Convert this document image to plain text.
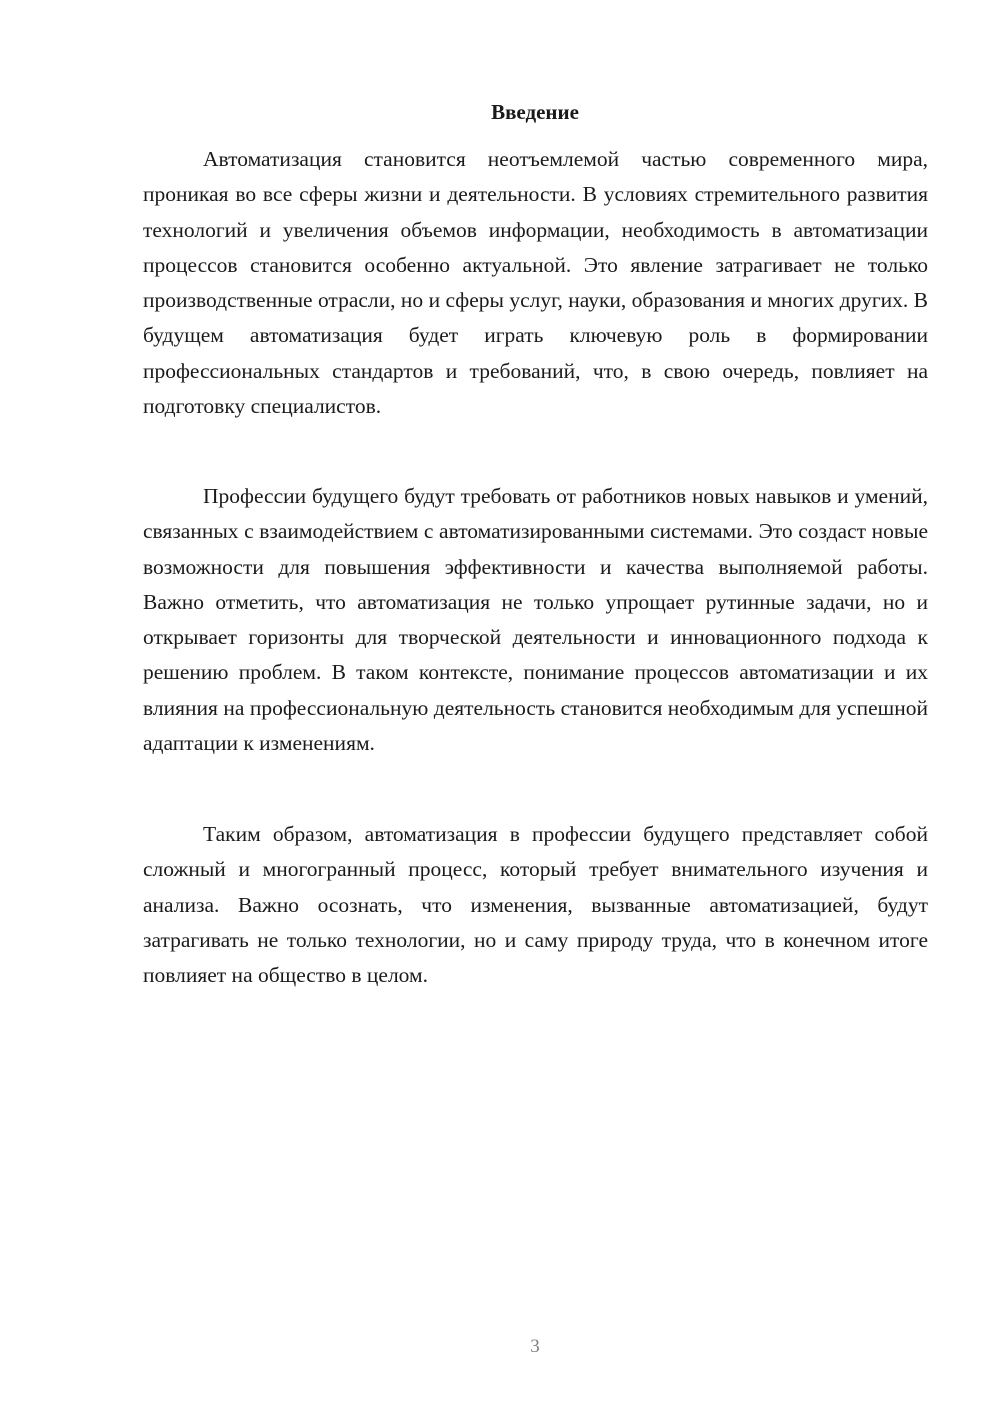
Введение

Автоматизация становится неотъемлемой частью современного мира, проникая во все сферы жизни и деятельности. В условиях стремительного развития технологий и увеличения объемов информации, необходимость в автоматизации процессов становится особенно актуальной. Это явление затрагивает не только производственные отрасли, но и сферы услуг, науки, образования и многих других. В будущем автоматизация будет играть ключевую роль в формировании профессиональных стандартов и требований, что, в свою очередь, повлияет на подготовку специалистов.

Профессии будущего будут требовать от работников новых навыков и умений, связанных с взаимодействием с автоматизированными системами. Это создаст новые возможности для повышения эффективности и качества выполняемой работы. Важно отметить, что автоматизация не только упрощает рутинные задачи, но и открывает горизонты для творческой деятельности и инновационного подхода к решению проблем. В таком контексте, понимание процессов автоматизации и их влияния на профессиональную деятельность становится необходимым для успешной адаптации к изменениям.

Таким образом, автоматизация в профессии будущего представляет собой сложный и многогранный процесс, который требует внимательного изучения и анализа. Важно осознать, что изменения, вызванные автоматизацией, будут затрагивать не только технологии, но и саму природу труда, что в конечном итоге повлияет на общество в целом.

3
